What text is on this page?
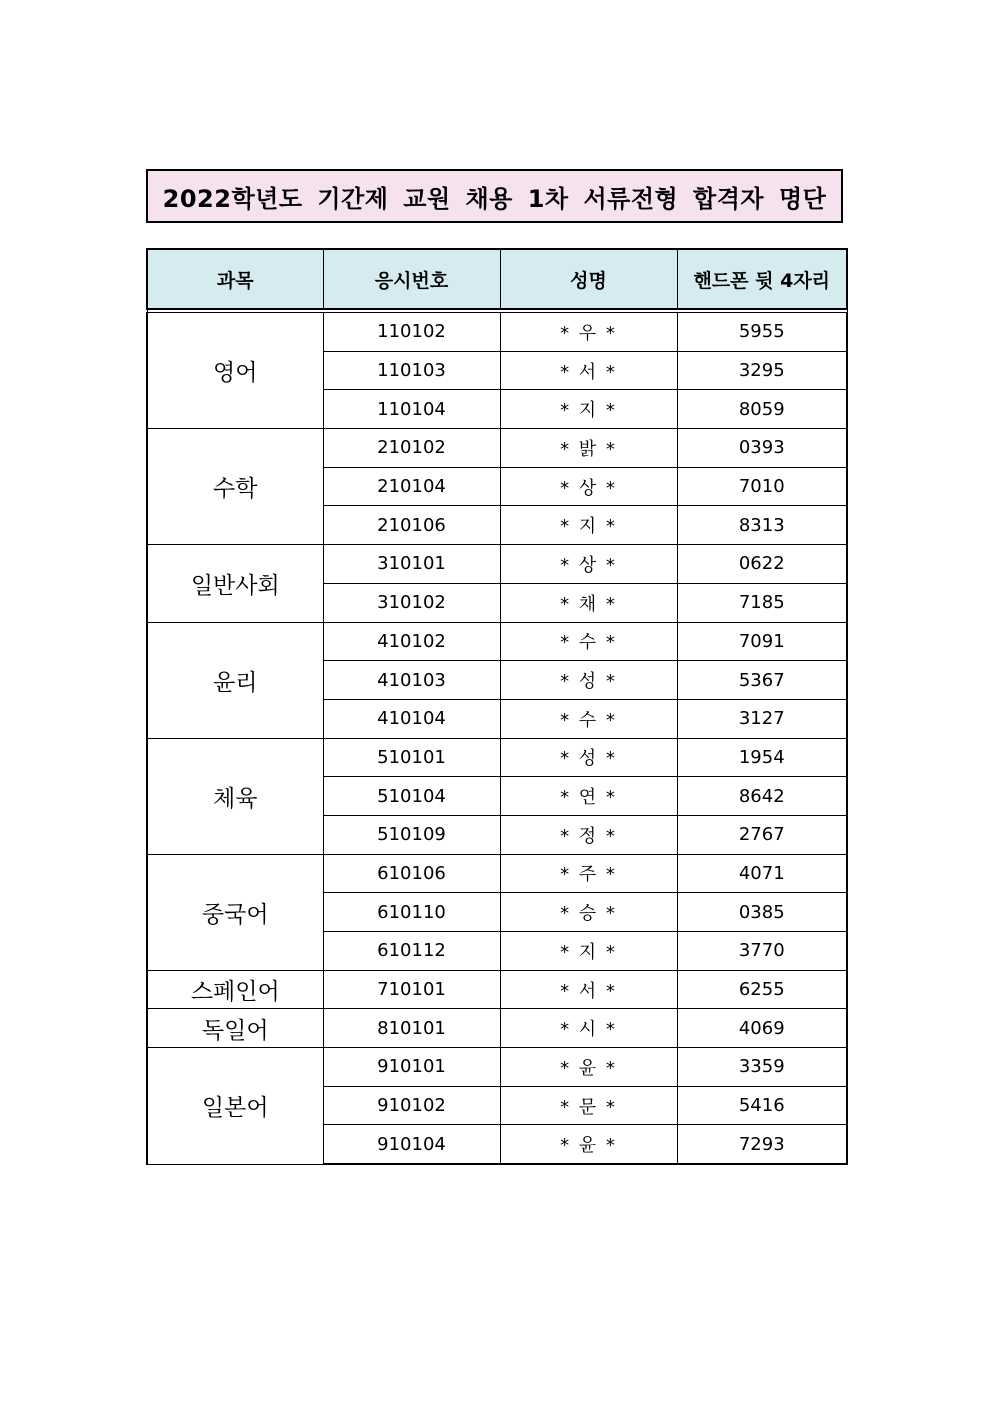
2022학년도 기간제 교원 채용 1차 서류전형 합격자 명단
과목	응시번호	성명	핸드폰 뒷 4자리

영어	110102	* 우 *	5955
	110103	* 서 *	3295
	110104	* 지 *	8059
수학	210102	* 밝 *	0393
	210104	* 상 *	7010
	210106	* 지 *	8313
일반사회	310101	* 상 *	0622
	310102	* 채 *	7185
윤리	410102	* 수 *	7091
	410103	* 성 *	5367
	410104	* 수 *	3127
체육	510101	* 성 *	1954
	510104	* 연 *	8642
	510109	* 정 *	2767
중국어	610106	* 주 *	4071
	610110	* 승 *	0385
	610112	* 지 *	3770
스페인어	710101	* 서 *	6255
독일어	810101	* 시 *	4069
일본어	910101	* 윤 *	3359
	910102	* 문 *	5416
	910104	* 윤 *	7293
